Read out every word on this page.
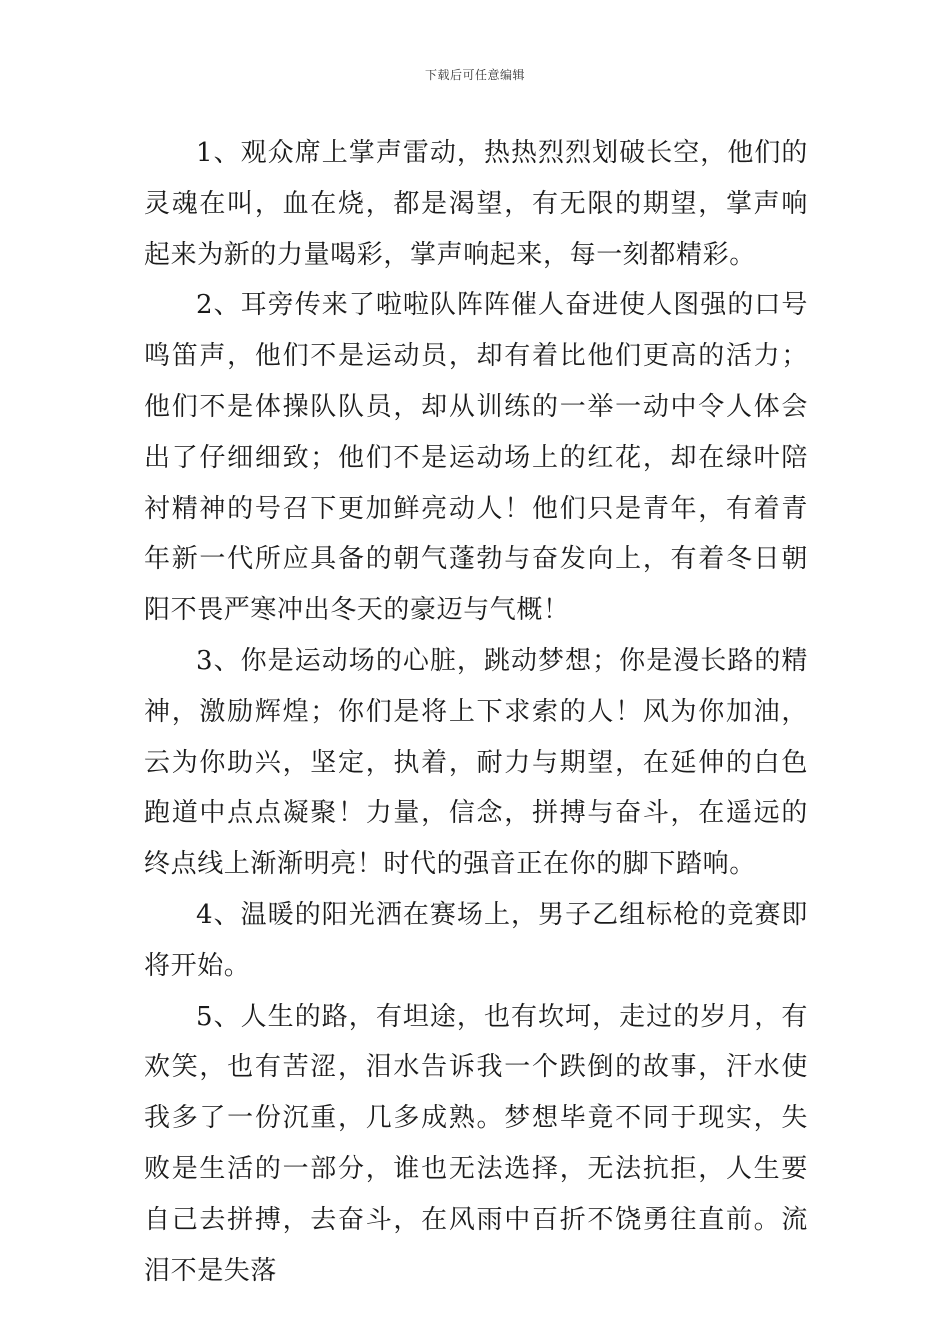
下载后可任意编辑

1、观众席上掌声雷动，热热烈烈划破长空，他们的灵魂在叫，血在烧，都是渴望，有无限的期望，掌声响起来为新的力量喝彩，掌声响起来，每一刻都精彩。

2、耳旁传来了啦啦队阵阵催人奋进使人图强的口号鸣笛声，他们不是运动员，却有着比他们更高的活力；他们不是体操队队员，却从训练的一举一动中令人体会出了仔细细致；他们不是运动场上的红花，却在绿叶陪衬精神的号召下更加鲜亮动人！他们只是青年，有着青年新一代所应具备的朝气蓬勃与奋发向上，有着冬日朝阳不畏严寒冲出冬天的豪迈与气概！

3、你是运动场的心脏，跳动梦想；你是漫长路的精神，激励辉煌；你们是将上下求索的人！风为你加油，云为你助兴，坚定，执着，耐力与期望，在延伸的白色跑道中点点凝聚！力量，信念，拼搏与奋斗，在遥远的终点线上渐渐明亮！时代的强音正在你的脚下踏响。

4、温暖的阳光洒在赛场上，男子乙组标枪的竞赛即将开始。

5、人生的路，有坦途，也有坎坷，走过的岁月，有欢笑，也有苦涩，泪水告诉我一个跌倒的故事，汗水使我多了一份沉重，几多成熟。梦想毕竟不同于现实，失败是生活的一部分，谁也无法选择，无法抗拒，人生要自己去拼搏，去奋斗，在风雨中百折不饶勇往直前。流泪不是失落
